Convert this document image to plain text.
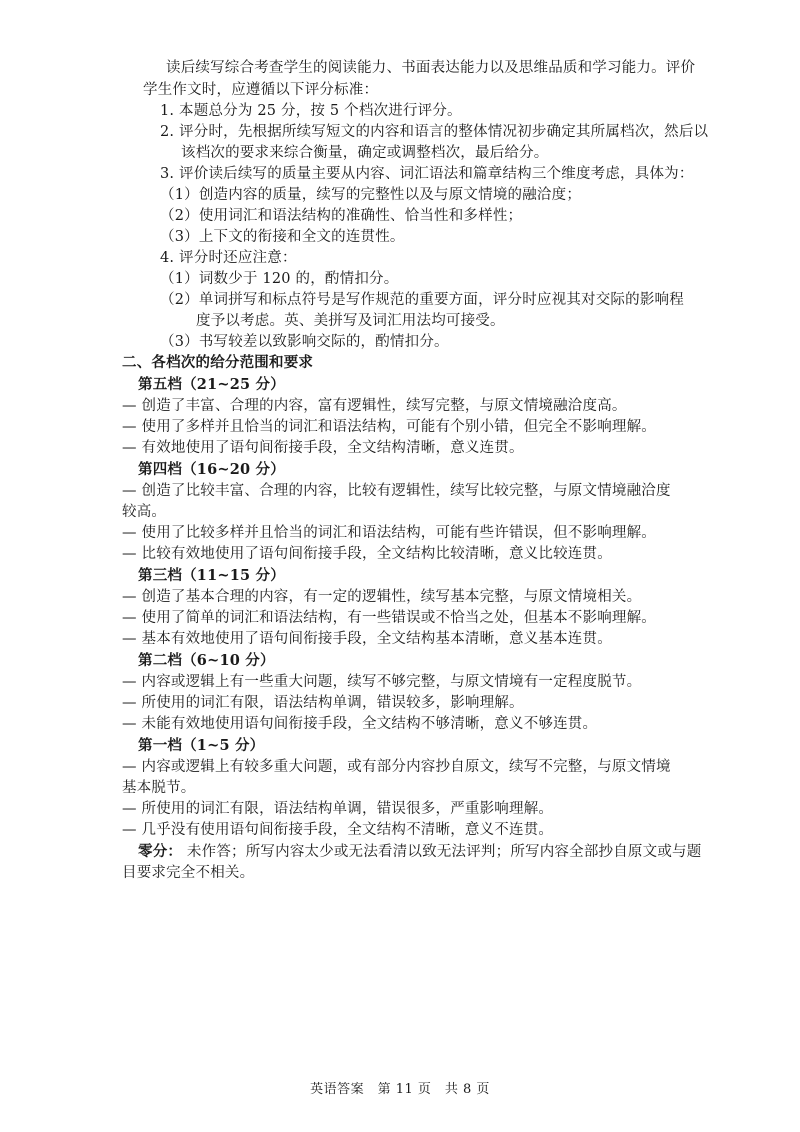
读后续写综合考查学生的阅读能力、书面表达能力以及思维品质和学习能力。评价
学生作文时，应遵循以下评分标准：
1. 本题总分为 25 分，按 5 个档次进行评分。
2. 评分时，先根据所续写短文的内容和语言的整体情况初步确定其所属档次，然后以
该档次的要求来综合衡量，确定或调整档次，最后给分。
3. 评价读后续写的质量主要从内容、词汇语法和篇章结构三个维度考虑，具体为：
（1）创造内容的质量，续写的完整性以及与原文情境的融洽度；
（2）使用词汇和语法结构的准确性、恰当性和多样性；
（3）上下文的衔接和全文的连贯性。
4. 评分时还应注意：
（1）词数少于 120 的，酌情扣分。
（2）单词拼写和标点符号是写作规范的重要方面，评分时应视其对交际的影响程
度予以考虑。英、美拼写及词汇用法均可接受。
（3）书写较差以致影响交际的，酌情扣分。
二、各档次的给分范围和要求
第五档（21~25 分）
— 创造了丰富、合理的内容，富有逻辑性，续写完整，与原文情境融洽度高。
— 使用了多样并且恰当的词汇和语法结构，可能有个别小错，但完全不影响理解。
— 有效地使用了语句间衔接手段，全文结构清晰，意义连贯。
第四档（16~20 分）
— 创造了比较丰富、合理的内容，比较有逻辑性，续写比较完整，与原文情境融洽度
较高。
— 使用了比较多样并且恰当的词汇和语法结构，可能有些许错误，但不影响理解。
— 比较有效地使用了语句间衔接手段，全文结构比较清晰，意义比较连贯。
第三档（11~15 分）
— 创造了基本合理的内容，有一定的逻辑性，续写基本完整，与原文情境相关。
— 使用了简单的词汇和语法结构，有一些错误或不恰当之处，但基本不影响理解。
— 基本有效地使用了语句间衔接手段，全文结构基本清晰，意义基本连贯。
第二档（6~10 分）
— 内容或逻辑上有一些重大问题，续写不够完整，与原文情境有一定程度脱节。
— 所使用的词汇有限，语法结构单调，错误较多，影响理解。
— 未能有效地使用语句间衔接手段，全文结构不够清晰，意义不够连贯。
第一档（1~5 分）
— 内容或逻辑上有较多重大问题，或有部分内容抄自原文，续写不完整，与原文情境
基本脱节。
— 所使用的词汇有限，语法结构单调，错误很多，严重影响理解。
— 几乎没有使用语句间衔接手段，全文结构不清晰，意义不连贯。
零分： 未作答；所写内容太少或无法看清以致无法评判；所写内容全部抄自原文或与题
目要求完全不相关。
英语答案　第 11 页　共 8 页
